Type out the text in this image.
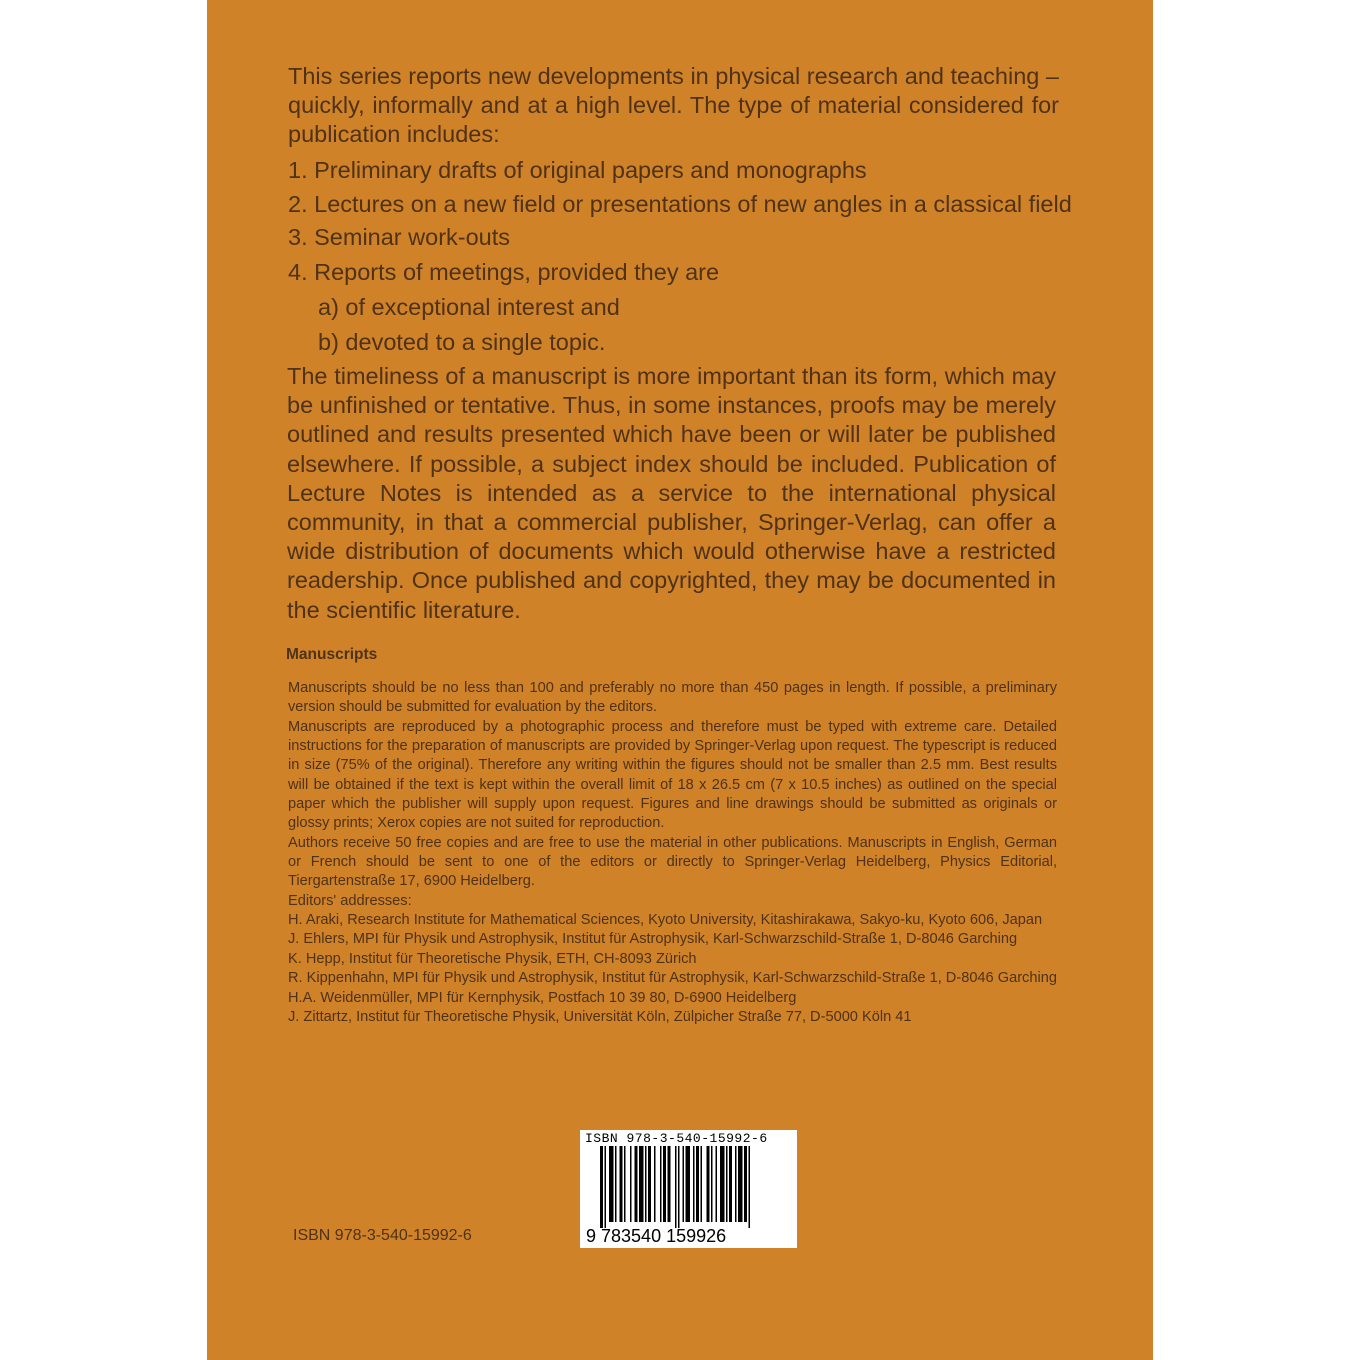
This series reports new developments in physical research and teaching – quickly, informally and at a high level. The type of material considered for publication includes:

1. Preliminary drafts of original papers and monographs
2. Lectures on a new field or presentations of new angles in a classical field
3. Seminar work-outs
4. Reports of meetings, provided they are
a) of exceptional interest and
b) devoted to a single topic.

The timeliness of a manuscript is more important than its form, which may be unfinished or tentative. Thus, in some instances, proofs may be merely outlined and results presented which have been or will later be published elsewhere. If possible, a subject index should be included. Publication of Lecture Notes is intended as a service to the international physical community, in that a commercial publisher, Springer-Verlag, can offer a wide distribution of documents which would otherwise have a restricted readership. Once published and copyrighted, they may be documented in the scientific literature.

Manuscripts

Manuscripts should be no less than 100 and preferably no more than 450 pages in length. If possible, a preliminary version should be submitted for evaluation by the editors.

Manuscripts are reproduced by a photographic process and therefore must be typed with extreme care. Detailed instructions for the preparation of manuscripts are provided by Springer-Verlag upon request. The typescript is reduced in size (75% of the original). Therefore any writing within the figures should not be smaller than 2.5 mm. Best results will be obtained if the text is kept within the overall limit of 18 x 26.5 cm (7 x 10.5 inches) as outlined on the special paper which the publisher will supply upon request. Figures and line drawings should be submitted as originals or glossy prints; Xerox copies are not suited for reproduction.

Authors receive 50 free copies and are free to use the material in other publications. Manuscripts in English, German or French should be sent to one of the editors or directly to Springer-Verlag Heidelberg, Physics Editorial, Tiergartenstraße 17, 6900 Heidelberg.

Editors' addresses:

H. Araki, Research Institute for Mathematical Sciences, Kyoto University, Kitashirakawa, Sakyo-ku, Kyoto 606, Japan

J. Ehlers, MPI für Physik und Astrophysik, Institut für Astrophysik, Karl-Schwarzschild-Straße 1, D-8046 Garching

K. Hepp, Institut für Theoretische Physik, ETH, CH-8093 Zürich

R. Kippenhahn, MPI für Physik und Astrophysik, Institut für Astrophysik, Karl-Schwarzschild-Straße 1, D-8046 Garching

H.A. Weidenmüller, MPI für Kernphysik, Postfach 10 39 80, D-6900 Heidelberg

J. Zittartz, Institut für Theoretische Physik, Universität Köln, Zülpicher Straße 77, D-5000 Köln 41

ISBN 978-3-540-15992-6

ISBN 978-3-540-15992-6
9 783540 159926
